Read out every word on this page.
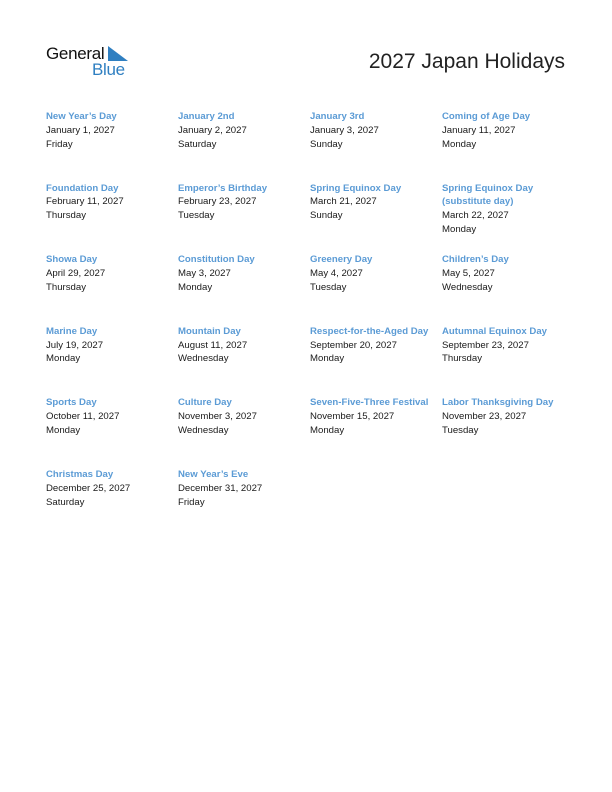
General
Blue	2027 Japan Holidays
New Year’s Day
January 1, 2027
Friday
January 2nd
January 2, 2027
Saturday
January 3rd
January 3, 2027
Sunday
Coming of Age Day
January 11, 2027
Monday
Foundation Day
February 11, 2027
Thursday
Emperor’s Birthday
February 23, 2027
Tuesday
Spring Equinox Day
March 21, 2027
Sunday
Spring Equinox Day (substitute day)
March 22, 2027
Monday
Showa Day
April 29, 2027
Thursday
Constitution Day
May 3, 2027
Monday
Greenery Day
May 4, 2027
Tuesday
Children’s Day
May 5, 2027
Wednesday
Marine Day
July 19, 2027
Monday
Mountain Day
August 11, 2027
Wednesday
Respect-for-the-Aged Day
September 20, 2027
Monday
Autumnal Equinox Day
September 23, 2027
Thursday
Sports Day
October 11, 2027
Monday
Culture Day
November 3, 2027
Wednesday
Seven-Five-Three Festival
November 15, 2027
Monday
Labor Thanksgiving Day
November 23, 2027
Tuesday
Christmas Day
December 25, 2027
Saturday
New Year’s Eve
December 31, 2027
Friday
